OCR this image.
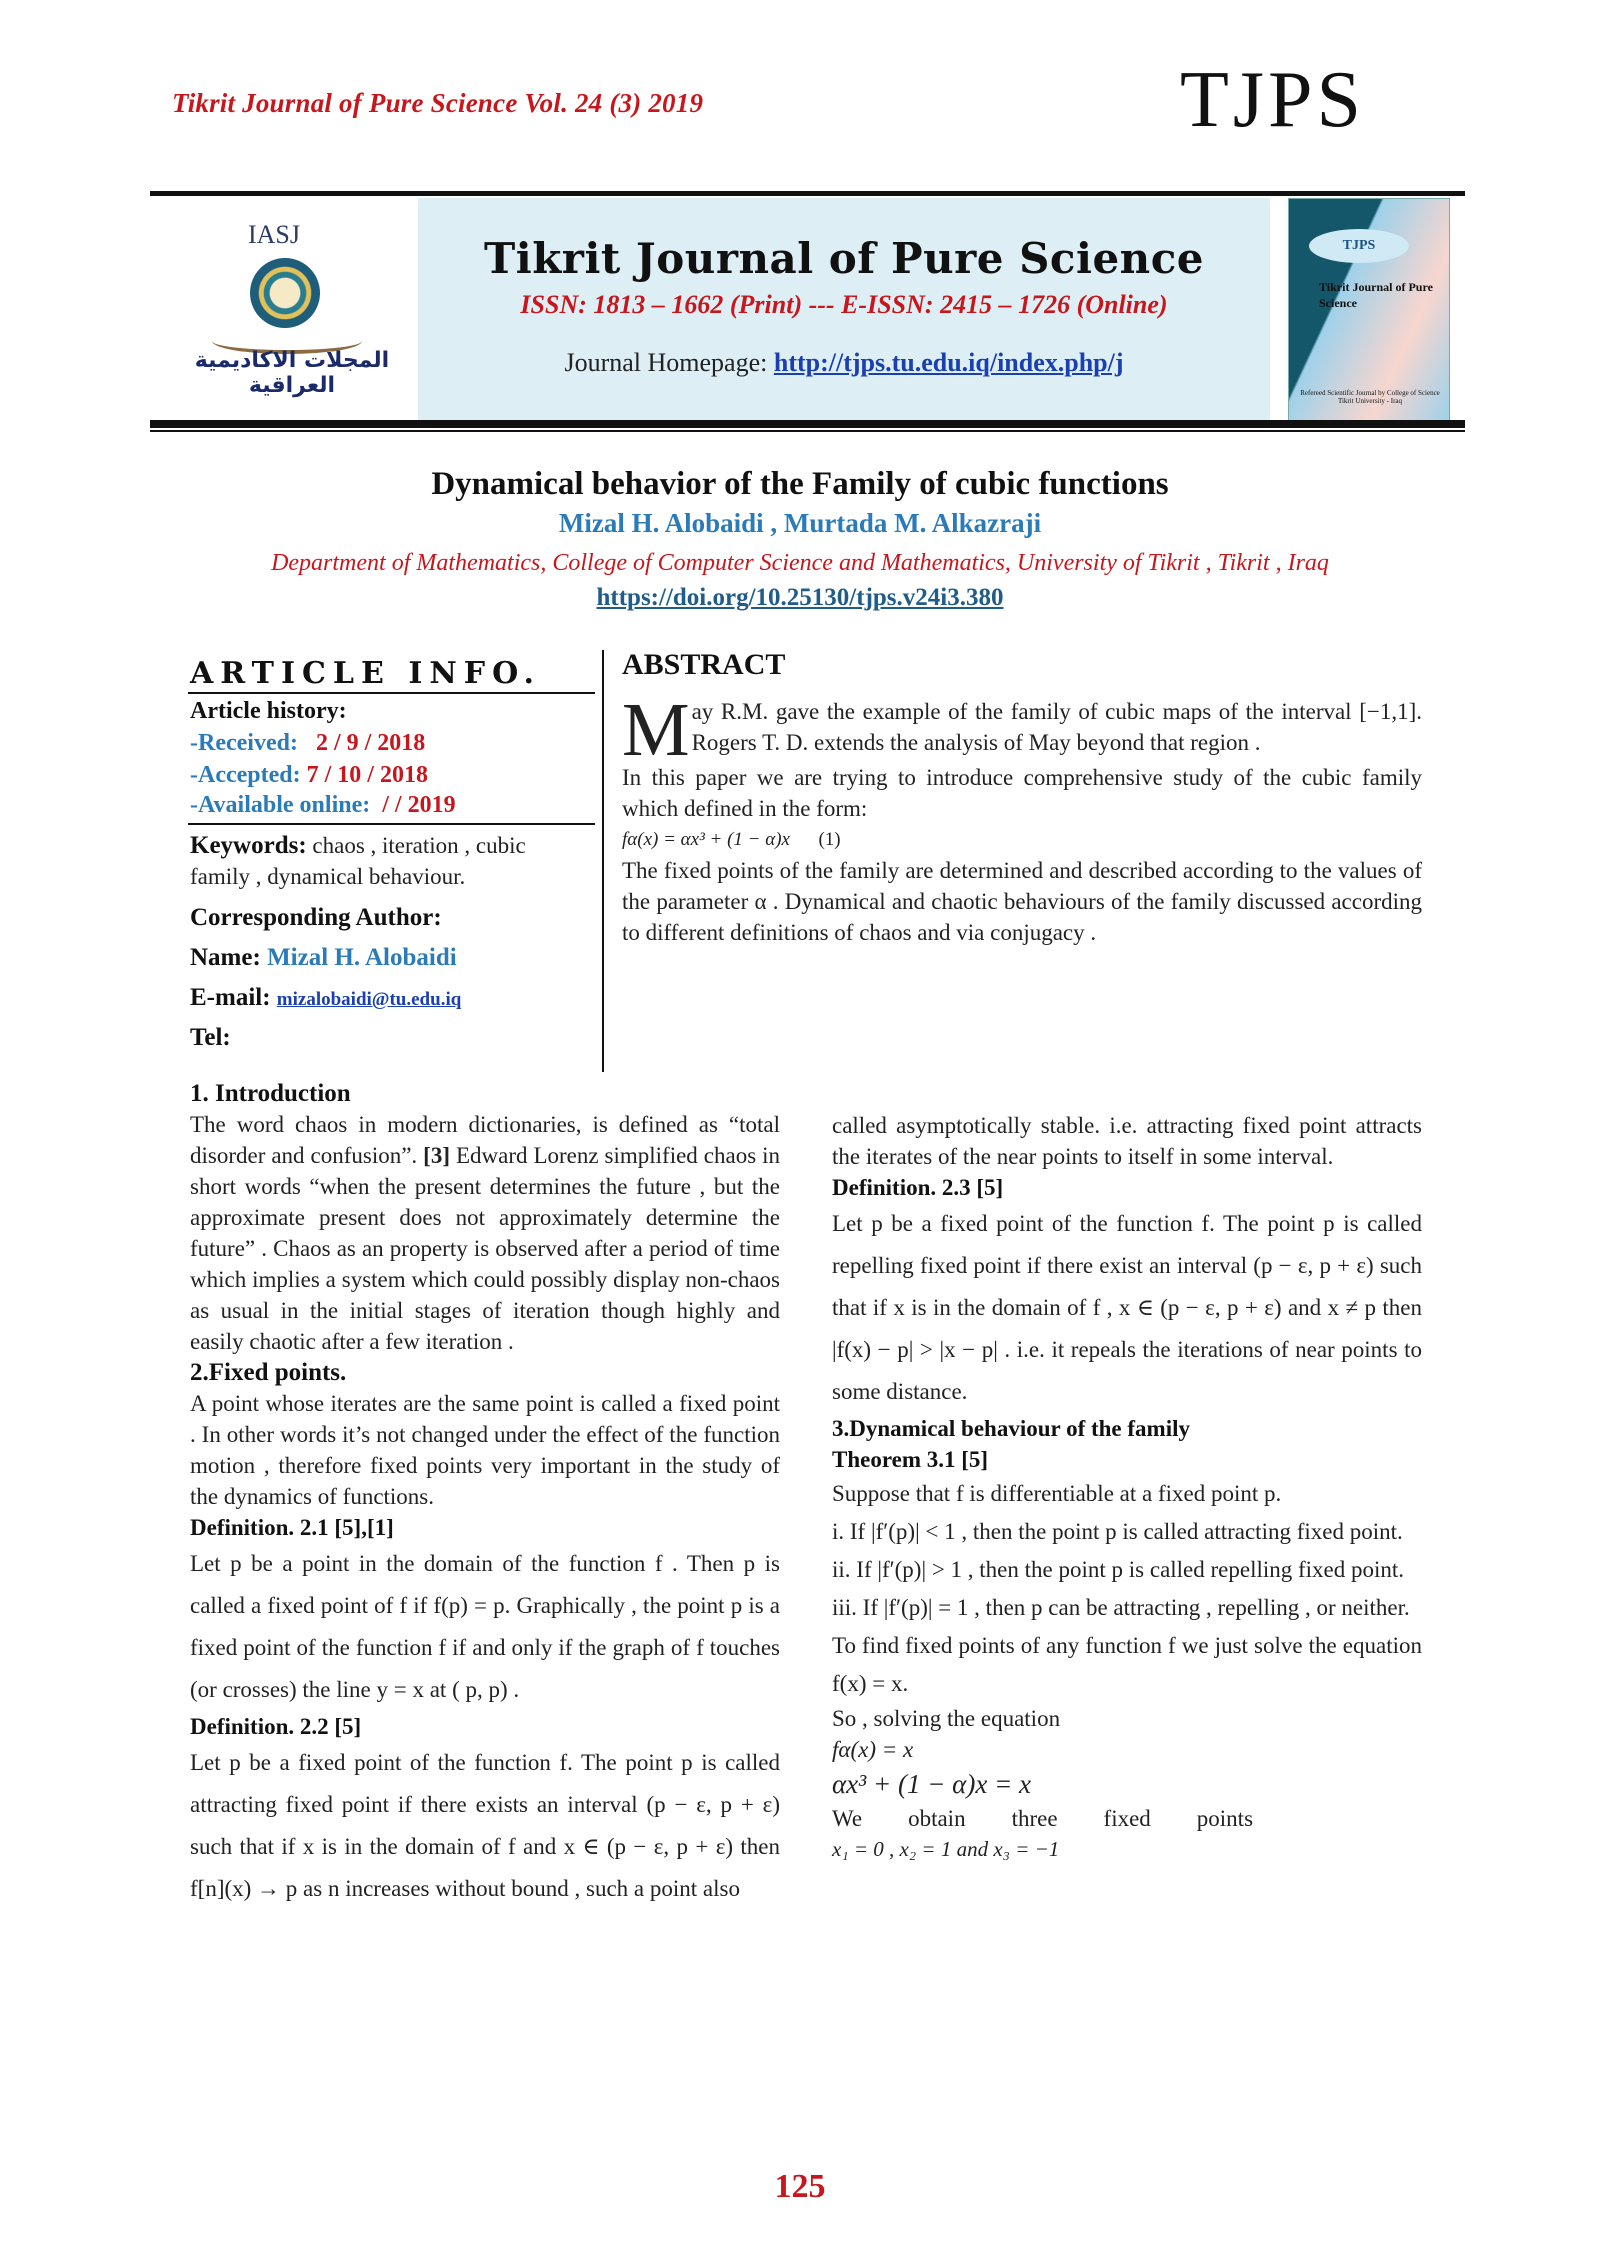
Tikrit Journal of Pure Science Vol. 24 (3) 2019	TJPS
IASJ
المجلات الاكاديمية العراقية
Tikrit Journal of Pure Science
ISSN: 1813 – 1662 (Print) --- E-ISSN: 2415 – 1726 (Online)
Journal Homepage: http://tjps.tu.edu.iq/index.php/j
TJPS
Tikrit Journal of Pure Science
Refereed Scientific Journal by College of Science Tikrit University - Iraq
Dynamical behavior of the Family of cubic functions
Mizal H. Alobaidi , Murtada M. Alkazraji
Department of Mathematics, College of Computer Science and Mathematics, University of Tikrit , Tikrit , Iraq
https://doi.org/10.25130/tjps.v24i3.380
ARTICLE INFO.
Article history:
-Received: 2 / 9 / 2018
-Accepted: 7 / 10 / 2018
-Available online: / / 2019
Keywords: chaos , iteration , cubic family , dynamical behaviour.
Corresponding Author:
Name: Mizal H. Alobaidi
E-mail: mizalobaidi@tu.edu.iq
Tel:
ABSTRACT

May R.M. gave the example of the family of cubic maps of the interval [−1,1]. Rogers T. D. extends the analysis of May beyond that region .

In this paper we are trying to introduce comprehensive study of the cubic family which defined in the form:

fα(x) = αx³ + (1 − α)x (1)

The fixed points of the family are determined and described according to the values of the parameter α . Dynamical and chaotic behaviours of the family discussed according to different definitions of chaos and via conjugacy .

1. Introduction

The word chaos in modern dictionaries, is defined as “total disorder and confusion”. [3] Edward Lorenz simplified chaos in short words “when the present determines the future , but the approximate present does not approximately determine the future” . Chaos as an property is observed after a period of time which implies a system which could possibly display non-chaos as usual in the initial stages of iteration though highly and easily chaotic after a few iteration .

2.Fixed points.

A point whose iterates are the same point is called a fixed point . In other words it’s not changed under the effect of the function motion , therefore fixed points very important in the study of the dynamics of functions.

Definition. 2.1 [5],[1]

Let p be a point in the domain of the function f . Then p is called a fixed point of f if f(p) = p. Graphically , the point p is a fixed point of the function f if and only if the graph of f touches (or crosses) the line y = x at ( p, p) .

Definition. 2.2 [5]

Let p be a fixed point of the function f. The point p is called attracting fixed point if there exists an interval (p − ε, p + ε) such that if x is in the domain of f and x ∈ (p − ε, p + ε) then f[n](x) → p as n increases without bound , such a point also

called asymptotically stable. i.e. attracting fixed point attracts the iterates of the near points to itself in some interval.

Definition. 2.3 [5]

Let p be a fixed point of the function f. The point p is called repelling fixed point if there exist an interval (p − ε, p + ε) such that if x is in the domain of f , x ∈ (p − ε, p + ε) and x ≠ p then |f(x) − p| > |x − p| . i.e. it repeals the iterations of near points to some distance.

3.Dynamical behaviour of the family

Theorem 3.1 [5]

Suppose that f is differentiable at a fixed point p.

i. If |f′(p)| < 1 , then the point p is called attracting fixed point.

ii. If |f′(p)| > 1 , then the point p is called repelling fixed point.

iii. If |f′(p)| = 1 , then p can be attracting , repelling , or neither.

To find fixed points of any function f we just solve the equation f(x) = x.

So , solving the equation

fα(x) = x

αx³ + (1 − α)x = x

We        obtain        three        fixed        points

x₁ = 0 , x₂ = 1 and x₃ = −1

125
